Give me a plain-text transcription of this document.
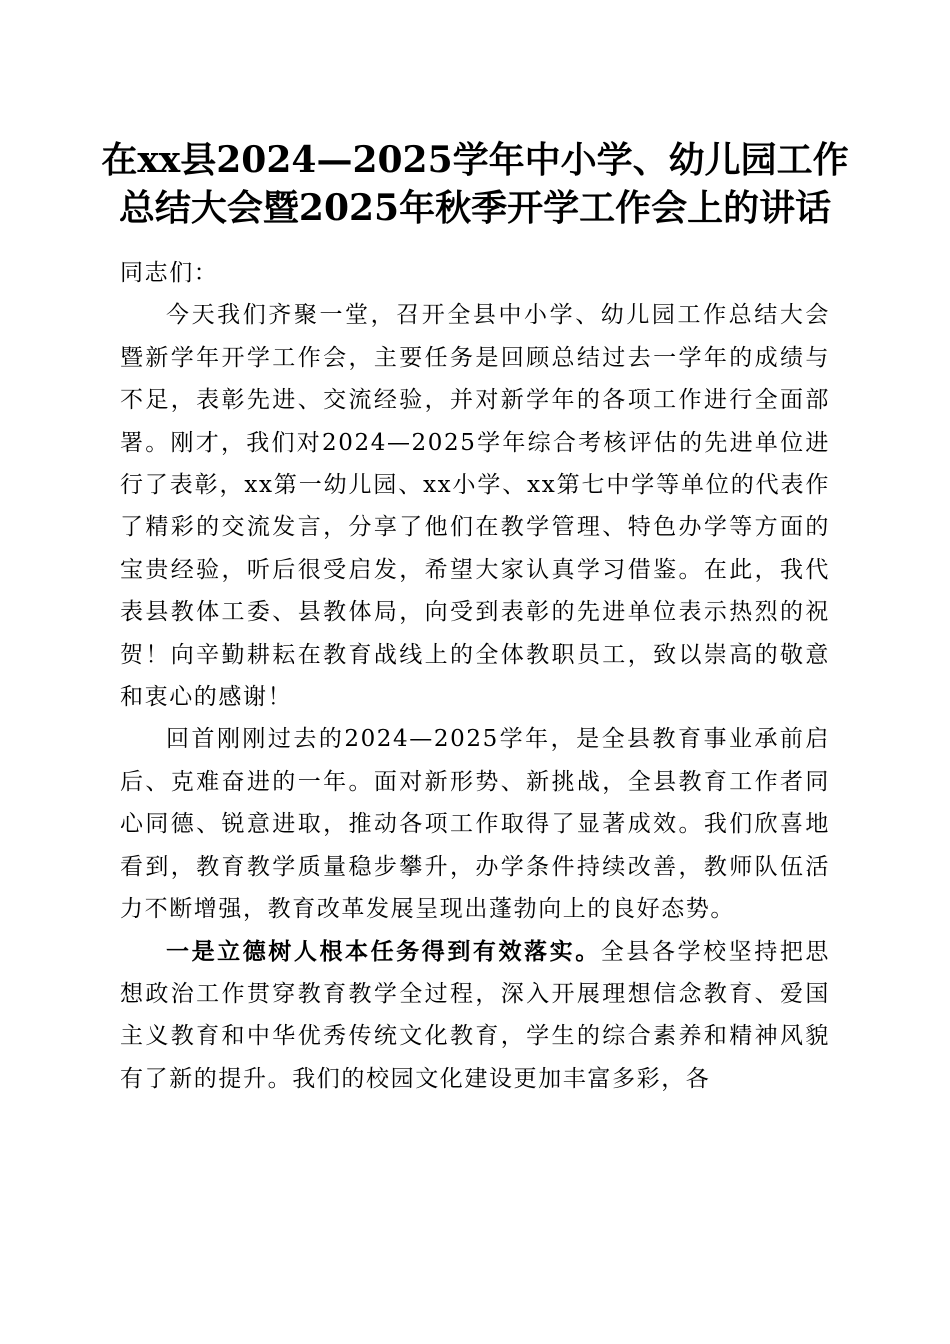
在xx县2024—2025学年中小学、幼儿园工作
总结大会暨2025年秋季开学工作会上的讲话

同志们：

今天我们齐聚一堂，召开全县中小学、幼儿园工作总结大会暨新学年开学工作会，主要任务是回顾总结过去一学年的成绩与不足，表彰先进、交流经验，并对新学年的各项工作进行全面部署。刚才，我们对2024—2025学年综合考核评估的先进单位进行了表彰，xx第一幼儿园、xx小学、xx第七中学等单位的代表作了精彩的交流发言，分享了他们在教学管理、特色办学等方面的宝贵经验，听后很受启发，希望大家认真学习借鉴。在此，我代表县教体工委、县教体局，向受到表彰的先进单位表示热烈的祝贺！向辛勤耕耘在教育战线上的全体教职员工，致以崇高的敬意和衷心的感谢！

回首刚刚过去的2024—2025学年，是全县教育事业承前启后、克难奋进的一年。面对新形势、新挑战，全县教育工作者同心同德、锐意进取，推动各项工作取得了显著成效。我们欣喜地看到，教育教学质量稳步攀升，办学条件持续改善，教师队伍活力不断增强，教育改革发展呈现出蓬勃向上的良好态势。

一是立德树人根本任务得到有效落实。全县各学校坚持把思想政治工作贯穿教育教学全过程，深入开展理想信念教育、爱国主义教育和中华优秀传统文化教育，学生的综合素养和精神风貌有了新的提升。我们的校园文化建设更加丰富多彩，各
